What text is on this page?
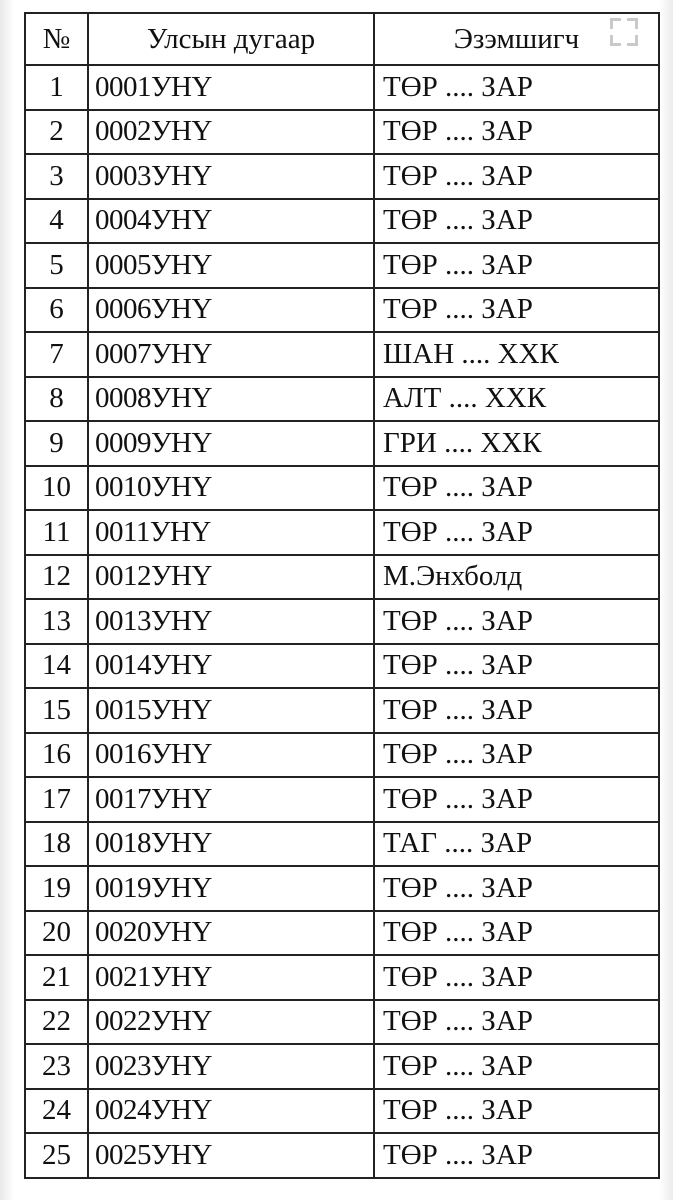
№	Улсын дугаар	Эзэмшигч
1	0001УНҮ	ТӨР .... ЗАР
2	0002УНҮ	ТӨР .... ЗАР
3	0003УНҮ	ТӨР .... ЗАР
4	0004УНҮ	ТӨР .... ЗАР
5	0005УНҮ	ТӨР .... ЗАР
6	0006УНҮ	ТӨР .... ЗАР
7	0007УНҮ	ШАН .... ХХК
8	0008УНҮ	АЛТ .... ХХК
9	0009УНҮ	ГРИ .... ХХК
10	0010УНҮ	ТӨР .... ЗАР
11	0011УНҮ	ТӨР .... ЗАР
12	0012УНҮ	М.Энхболд
13	0013УНҮ	ТӨР .... ЗАР
14	0014УНҮ	ТӨР .... ЗАР
15	0015УНҮ	ТӨР .... ЗАР
16	0016УНҮ	ТӨР .... ЗАР
17	0017УНҮ	ТӨР .... ЗАР
18	0018УНҮ	ТАГ .... ЗАР
19	0019УНҮ	ТӨР .... ЗАР
20	0020УНҮ	ТӨР .... ЗАР
21	0021УНҮ	ТӨР .... ЗАР
22	0022УНҮ	ТӨР .... ЗАР
23	0023УНҮ	ТӨР .... ЗАР
24	0024УНҮ	ТӨР .... ЗАР
25	0025УНҮ	ТӨР .... ЗАР
